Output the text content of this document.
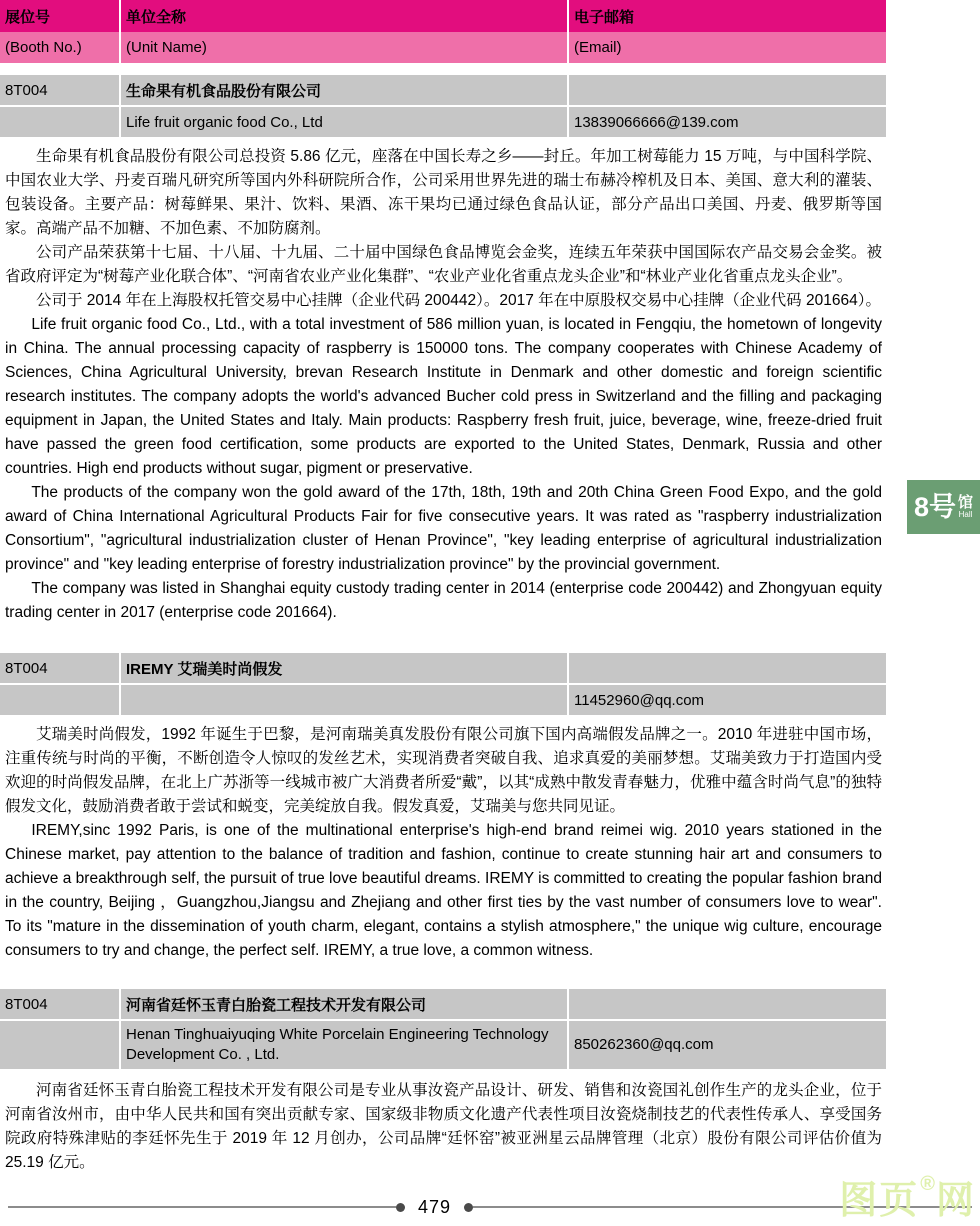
展位号	单位全称	电子邮箱
(Booth No.)	(Unit Name)	(Email)
8T004	生命果有机食品股份有限公司
Life fruit organic food Co., Ltd	13839066666@139.com

生命果有机食品股份有限公司总投资 5.86 亿元，座落在中国长寿之乡——封丘。年加工树莓能力 15 万吨，与中国科学院、中国农业大学、丹麦百瑞凡研究所等国内外科研院所合作，公司采用世界先进的瑞士布赫冷榨机及日本、美国、意大利的灌装、包装设备。主要产品：树莓鲜果、果汁、饮料、果酒、冻干果均已通过绿色食品认证，部分产品出口美国、丹麦、俄罗斯等国家。高端产品不加糖、不加色素、不加防腐剂。

公司产品荣获第十七届、十八届、十九届、二十届中国绿色食品博览会金奖，连续五年荣获中国国际农产品交易会金奖。被省政府评定为“树莓产业化联合体”、“河南省农业产业化集群”、“农业产业化省重点龙头企业”和“林业产业化省重点龙头企业”。

公司于 2014 年在上海股权托管交易中心挂牌（企业代码 200442）。2017 年在中原股权交易中心挂牌（企业代码 201664）。

Life fruit organic food Co., Ltd., with a total investment of 586 million yuan, is located in Fengqiu, the hometown of longevity in China. The annual processing capacity of raspberry is 150000 tons. The company cooperates with Chinese Academy of Sciences, China Agricultural University, brevan Research Institute in Denmark and other domestic and foreign scientific research institutes. The company adopts the world's advanced Bucher cold press in Switzerland and the filling and packaging equipment in Japan, the United States and Italy. Main products: Raspberry fresh fruit, juice, beverage, wine, freeze-dried fruit have passed the green food certification, some products are exported to the United States, Denmark, Russia and other countries. High end products without sugar, pigment or preservative.

The products of the company won the gold award of the 17th, 18th, 19th and 20th China Green Food Expo, and the gold award of China International Agricultural Products Fair for five consecutive years. It was rated as "raspberry industrialization Consortium", "agricultural industrialization cluster of Henan Province", "key leading enterprise of agricultural industrialization province" and "key leading enterprise of forestry industrialization province" by the provincial government.

The company was listed in Shanghai equity custody trading center in 2014 (enterprise code 200442) and Zhongyuan equity trading center in 2017 (enterprise code 201664).

8T004	IREMY 艾瑞美时尚假发
11452960@qq.com

艾瑞美时尚假发，1992 年诞生于巴黎，是河南瑞美真发股份有限公司旗下国内高端假发品牌之一。2010 年进驻中国市场，注重传统与时尚的平衡，不断创造令人惊叹的发丝艺术，实现消费者突破自我、追求真爱的美丽梦想。艾瑞美致力于打造国内受欢迎的时尚假发品牌，在北上广苏浙等一线城市被广大消费者所爱“戴”，以其“成熟中散发青春魅力，优雅中蕴含时尚气息”的独特假发文化，鼓励消费者敢于尝试和蜕变，完美绽放自我。假发真爱，艾瑞美与您共同见证。

IREMY,sinc 1992 Paris, is one of the multinational enterprise's high-end brand reimei wig. 2010 years stationed in the Chinese market, pay attention to the balance of tradition and fashion, continue to create stunning hair art and consumers to achieve a breakthrough self, the pursuit of true love beautiful dreams. IREMY is committed to creating the popular fashion brand in the country, Beijing ，Guangzhou,Jiangsu and Zhejiang and other first ties by the vast number of consumers love to wear". To its "mature in the dissemination of youth charm, elegant, contains a stylish atmosphere," the unique wig culture, encourage consumers to try and change, the perfect self. IREMY, a true love, a common witness.

8T004	河南省廷怀玉青白胎瓷工程技术开发有限公司
Henan Tinghuaiyuqing White Porcelain Engineering Technology Development Co. , Ltd.
850262360@qq.com

河南省廷怀玉青白胎瓷工程技术开发有限公司是专业从事汝瓷产品设计、研发、销售和汝瓷国礼创作生产的龙头企业，位于河南省汝州市，由中华人民共和国有突出贡献专家、国家级非物质文化遗产代表性项目汝瓷烧制技艺的代表性传承人、享受国务院政府特殊津贴的李廷怀先生于 2019 年 12 月创办，公司品牌“廷怀窑”被亚洲星云品牌管理（北京）股份有限公司评估价值为 25.19 亿元。

8号 馆
Hall
479	图页 ® 网
